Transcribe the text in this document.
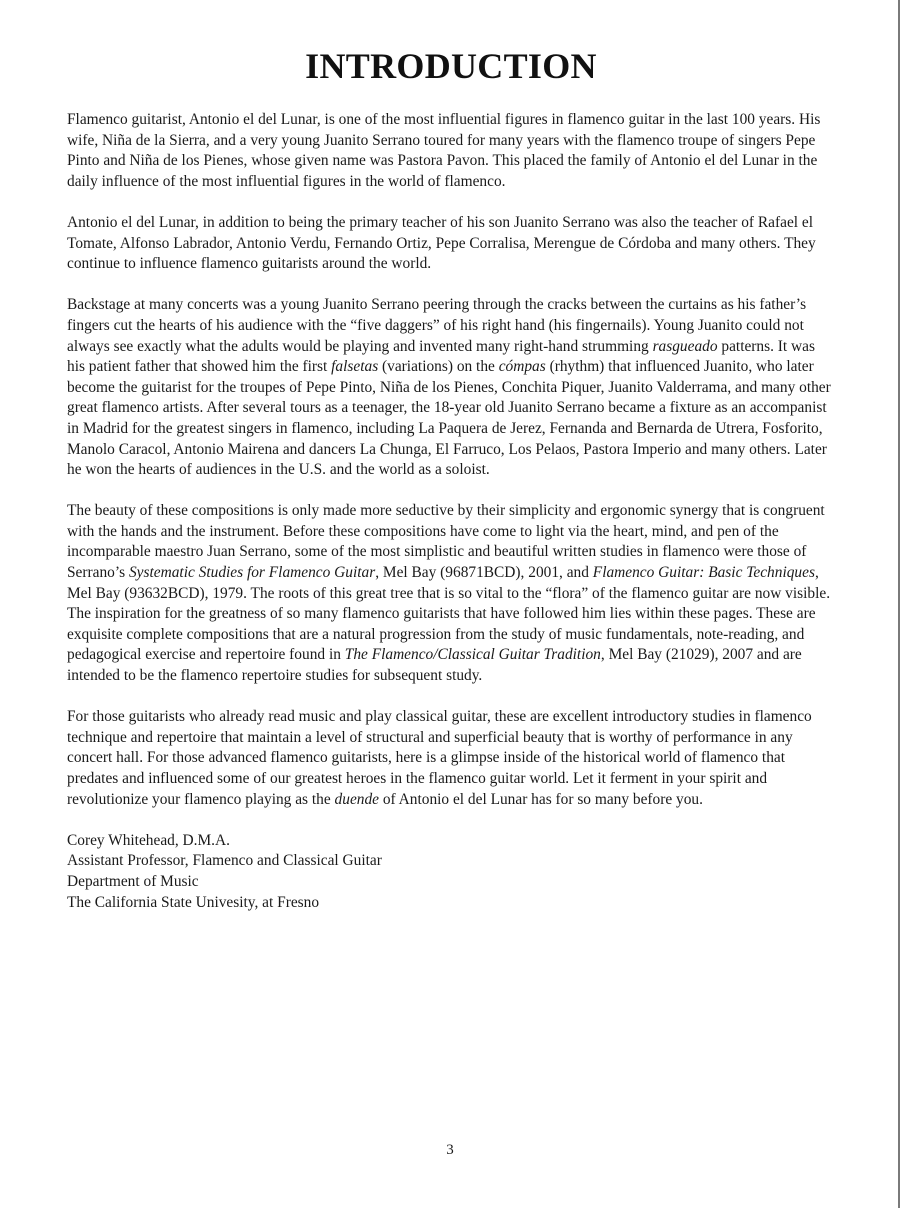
INTRODUCTION

Flamenco guitarist, Antonio el del Lunar, is one of the most influential figures in flamenco guitar in the last 100 years. His wife, Niña de la Sierra, and a very young Juanito Serrano toured for many years with the flamenco troupe of singers Pepe Pinto and Niña de los Pienes, whose given name was Pastora Pavon. This placed the family of Antonio el del Lunar in the daily influence of the most influential figures in the world of flamenco.

Antonio el del Lunar, in addition to being the primary teacher of his son Juanito Serrano was also the teacher of Rafael el Tomate, Alfonso Labrador, Antonio Verdu, Fernando Ortiz, Pepe Corralisa, Merengue de Córdoba and many others. They continue to influence flamenco guitarists around the world.

Backstage at many concerts was a young Juanito Serrano peering through the cracks between the curtains as his father’s fingers cut the hearts of his audience with the “five daggers” of his right hand (his fingernails). Young Juanito could not always see exactly what the adults would be playing and invented many right-hand strumming rasgueado patterns. It was his patient father that showed him the first falsetas (variations) on the cómpas (rhythm) that influenced Juanito, who later become the guitarist for the troupes of Pepe Pinto, Niña de los Pienes, Conchita Piquer, Juanito Valderrama, and many other great flamenco artists. After several tours as a teenager, the 18-year old Juanito Serrano became a fixture as an accompanist in Madrid for the greatest singers in flamenco, including La Paquera de Jerez, Fernanda and Bernarda de Utrera, Fosforito, Manolo Caracol, Antonio Mairena and dancers La Chunga, El Farruco, Los Pelaos, Pastora Imperio and many others. Later he won the hearts of audiences in the U.S. and the world as a soloist.

The beauty of these compositions is only made more seductive by their simplicity and ergonomic synergy that is congruent with the hands and the instrument. Before these compositions have come to light via the heart, mind, and pen of the incomparable maestro Juan Serrano, some of the most simplistic and beautiful written studies in flamenco were those of Serrano’s Systematic Studies for Flamenco Guitar, Mel Bay (96871BCD), 2001, and Flamenco Guitar: Basic Techniques, Mel Bay (93632BCD), 1979. The roots of this great tree that is so vital to the “flora” of the flamenco guitar are now visible. The inspiration for the greatness of so many flamenco guitarists that have followed him lies within these pages. These are exquisite complete compositions that are a natural progression from the study of music fundamentals, note-reading, and pedagogical exercise and repertoire found in The Flamenco/Classical Guitar Tradition, Mel Bay (21029), 2007 and are intended to be the flamenco repertoire studies for subsequent study.

For those guitarists who already read music and play classical guitar, these are excellent introductory studies in flamenco technique and repertoire that maintain a level of structural and superficial beauty that is worthy of performance in any concert hall. For those advanced flamenco guitarists, here is a glimpse inside of the historical world of flamenco that predates and influenced some of our greatest heroes in the flamenco guitar world. Let it ferment in your spirit and revolutionize your flamenco playing as the duende of Antonio el del Lunar has for so many before you.

Corey Whitehead, D.M.A.
Assistant Professor, Flamenco and Classical Guitar
Department of Music
The California State Univesity, at Fresno
3
